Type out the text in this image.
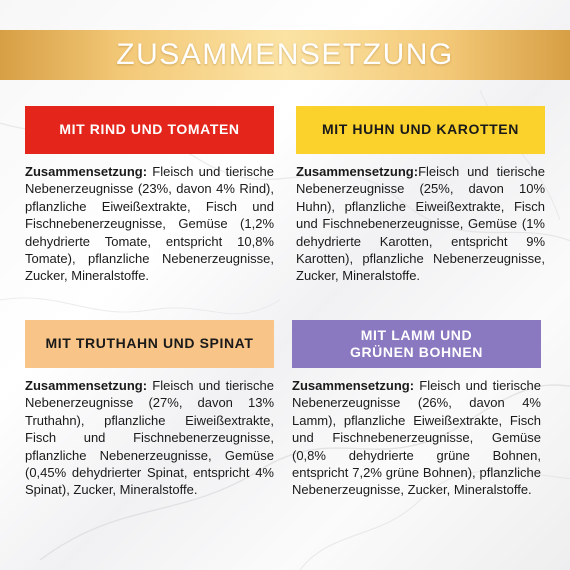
ZUSAMMENSETZUNG
MIT RIND UND TOMATEN

Zusammensetzung: Fleisch und tierische Nebenerzeugnisse (23%, davon 4% Rind), pflanzliche Eiweißextrakte, Fisch und Fischnebenerzeugnisse, Gemüse (1,2% dehydrierte Tomate, entspricht 10,8% Tomate), pflanzliche Nebenerzeugnisse, Zucker, Mineralstoffe.

MIT HUHN UND KAROTTEN

Zusammensetzung:Fleisch und tierische Nebenerzeugnisse (25%, davon 10% Huhn), pflanzliche Eiweißextrakte, Fisch und Fischnebenerzeugnisse, Gemüse (1% dehydrierte Karotten, entspricht 9% Karotten), pflanzliche Nebenerzeugnisse, Zucker, Mineralstoffe.

MIT TRUTHAHN UND SPINAT

Zusammensetzung: Fleisch und tierische Nebenerzeugnisse (27%, davon 13% Truthahn), pflanzliche Eiweißextrakte, Fisch und Fischnebenerzeugnisse, pflanzliche Nebenerzeugnisse, Gemüse (0,45% dehydrierter Spinat, entspricht 4% Spinat), Zucker, Mineralstoffe.

MIT LAMM UND
GRÜNEN BOHNEN

Zusammensetzung: Fleisch und tierische Nebenerzeugnisse (26%, davon 4% Lamm), pflanzliche Eiweißextrakte, Fisch und Fischnebenerzeugnisse, Gemüse (0,8% dehydrierte grüne Bohnen, entspricht 7,2% grüne Bohnen), pflanzliche Nebenerzeugnisse, Zucker, Mineralstoffe.
